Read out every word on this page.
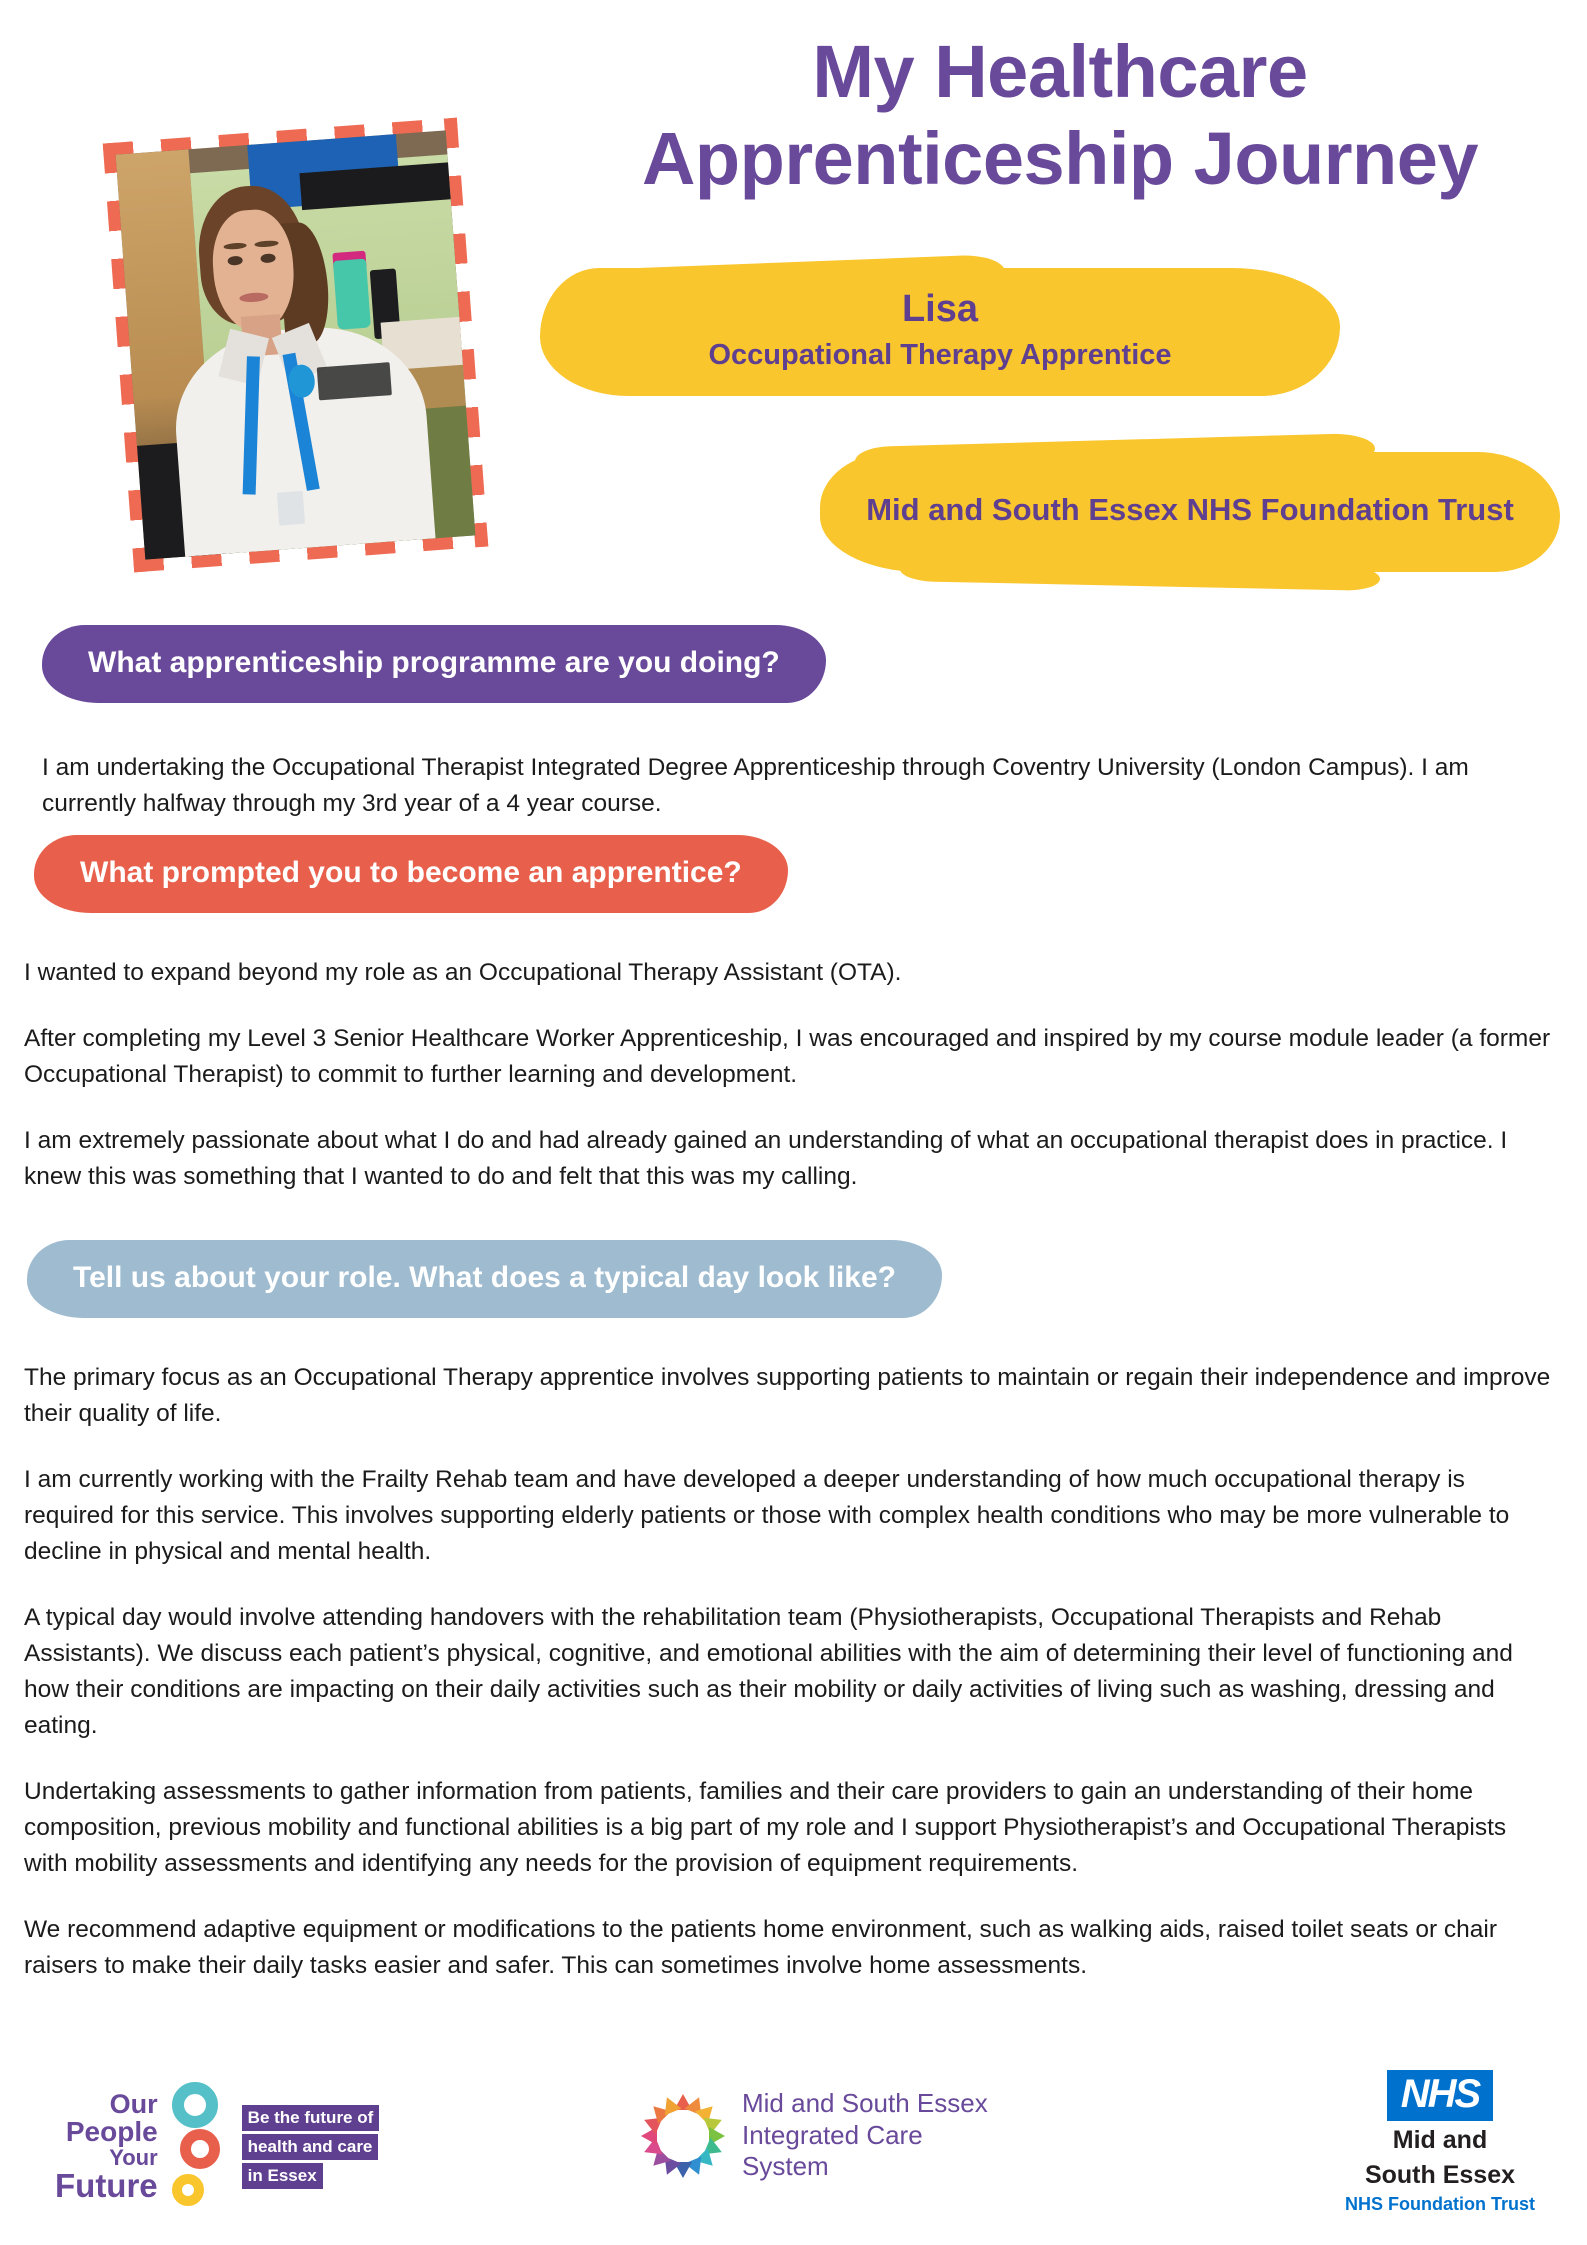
My Healthcare
Apprenticeship Journey
Lisa
Occupational Therapy Apprentice
Mid and South Essex NHS Foundation Trust
What apprenticeship programme are you doing?

I am undertaking the Occupational Therapist Integrated Degree Apprenticeship through Coventry University (London Campus). I am currently halfway through my 3rd year of a 4 year course.

What prompted you to become an apprentice?

I wanted to expand beyond my role as an Occupational Therapy Assistant (OTA).

After completing my Level 3 Senior Healthcare Worker Apprenticeship, I was encouraged and inspired by my course module leader (a former Occupational Therapist) to commit to further learning and development.

I am extremely passionate about what I do and had already gained an understanding of what an occupational therapist does in practice. I knew this was something that I wanted to do and felt that this was my calling.

Tell us about your role. What does a typical day look like?

The primary focus as an Occupational Therapy apprentice involves supporting patients to maintain or regain their independence and improve their quality of life.

I am currently working with the Frailty Rehab team and have developed a deeper understanding of how much occupational therapy is required for this service. This involves supporting elderly patients or those with complex health conditions who may be more vulnerable to decline in physical and mental health.

A typical day would involve attending handovers with the rehabilitation team (Physiotherapists, Occupational Therapists and Rehab Assistants). We discuss each patient’s physical, cognitive, and emotional abilities with the aim of determining their level of functioning and how their conditions are impacting on their daily activities such as their mobility or daily activities of living such as washing, dressing and eating.

Undertaking assessments to gather information from patients, families and their care providers to gain an understanding of their home composition, previous mobility and functional abilities is a big part of my role and I support Physiotherapist’s and Occupational Therapists with mobility assessments and identifying any needs for the provision of equipment requirements.

We recommend adaptive equipment or modifications to the patients home environment, such as walking aids, raised toilet seats or chair raisers to make their daily tasks easier and safer. This can sometimes involve home assessments.

Our
People
Your
Future
Be the future of
health and care
in Essex
Mid and South Essex
Integrated Care
System
NHS
Mid and
South Essex
NHS Foundation Trust
